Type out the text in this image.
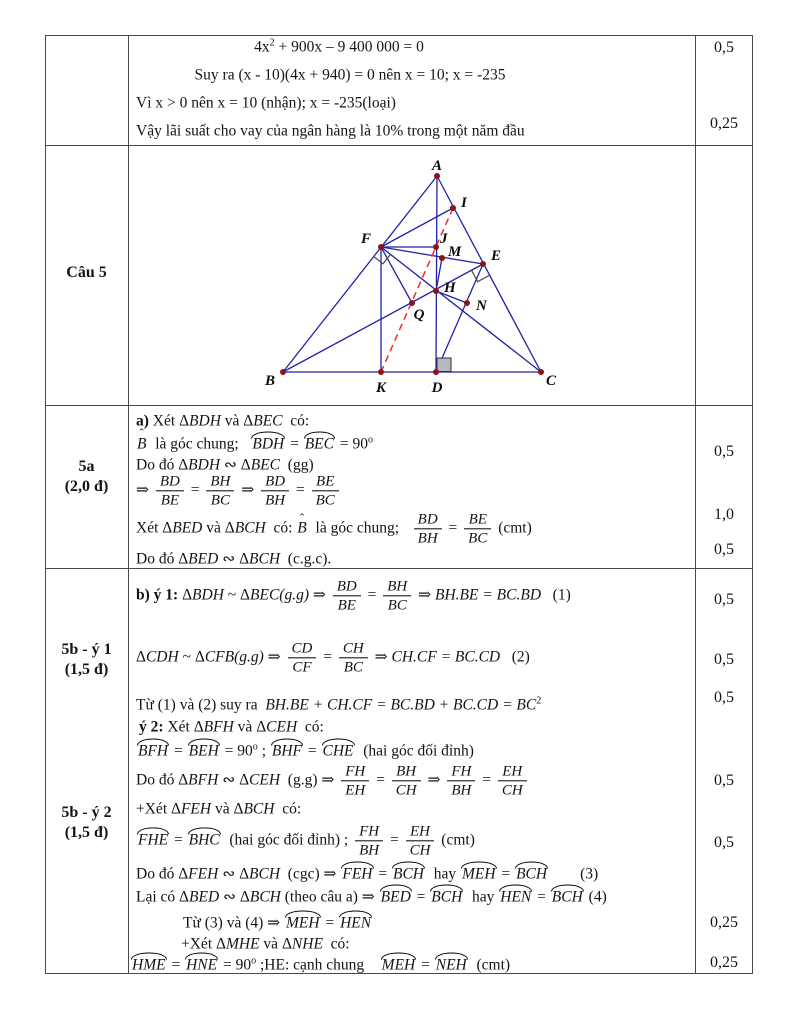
A
B	C
D
K
F
E
I
J
M
H
Q
N
Câu 5
5a
(2,0 đ)
5b - ý 1
(1,5 đ)
5b - ý 2
(1,5 đ)
$4x^2 + 900x - 9$ 400 000 = 0
Suy ra (x - 10)(4x + 940) = 0 nên x = 10; x = -235
Vì x > 0 nên x = 10 (nhận); x = -235(loại)
Vậy lãi suất cho vay của ngân hàng là 10% trong một năm đầu
a) Xét ΔBDH và ΔBEC  có:
B ˆ  là góc chung;   BDH = BEC = $90^o$
Do đó ΔBDH ∾ ΔBEC  (gg)
⇒ $\frac{BD}{BE} = \frac{BH}{BC}$ ⇒ $\frac{BD}{BH} = \frac{BE}{BC}$
Xét ΔBED và ΔBCH  có: B ˆ  là góc chung; $\frac{BD}{BH} = \frac{BE}{BC} (cmt)$
Do đó ΔBED ∾ ΔBCH  (c.g.c).
b) ý 1: ΔBDH ~ ΔBEC(g.g) ⇒ $\frac{BD}{BE} = \frac{BH}{BC}$ ⇒ BH.BE = BC.BD   (1)
ΔCDH ~ ΔCFB(g.g) ⇒ $\frac{CD}{CF} = \frac{CH}{BC}$ ⇒ CH.CF = BC.CD   (2)
Từ (1) và (2) suy ra  $BH.BE + CH.CF = BC.BD + BC.CD = BC^2$
ý 2: Xét ΔBFH và ΔCEH  có:
BFH = BEH = $90^o$ ; BHF = CHE  (hai góc đối đỉnh)
Do đó ΔBFH ∾ ΔCEH  (g.g) ⇒ $\frac{FH}{EH} = \frac{BH}{CH}$ ⇒ $\frac{FH}{BH} = \frac{EH}{CH}$
+Xét ΔFEH và ΔBCH  có:
FHE = BHC  (hai góc đối đỉnh) ; $\frac{FH}{BH} = \frac{EH}{CH} (cmt)$
Do đó ΔFEH ∾ ΔBCH  (cgc) ⇒ FEH = BCH  hay MEH = BCH        (3)
Lại có ΔBED ∾ ΔBCH (theo câu a) ⇒ BED = BCH  hay HEN = BCH (4)
Từ (3) và (4) ⇒ MEH = HEN
+Xét ΔMHE và ΔNHE  có:
HME = HNE = $90^o$ ;HE: cạnh chung    MEH = NEH  (cmt)
0,5
0,25
0,5
1,0
0,5
0,5
0,5
0,5
0,5
0,5
0,25
0,25
